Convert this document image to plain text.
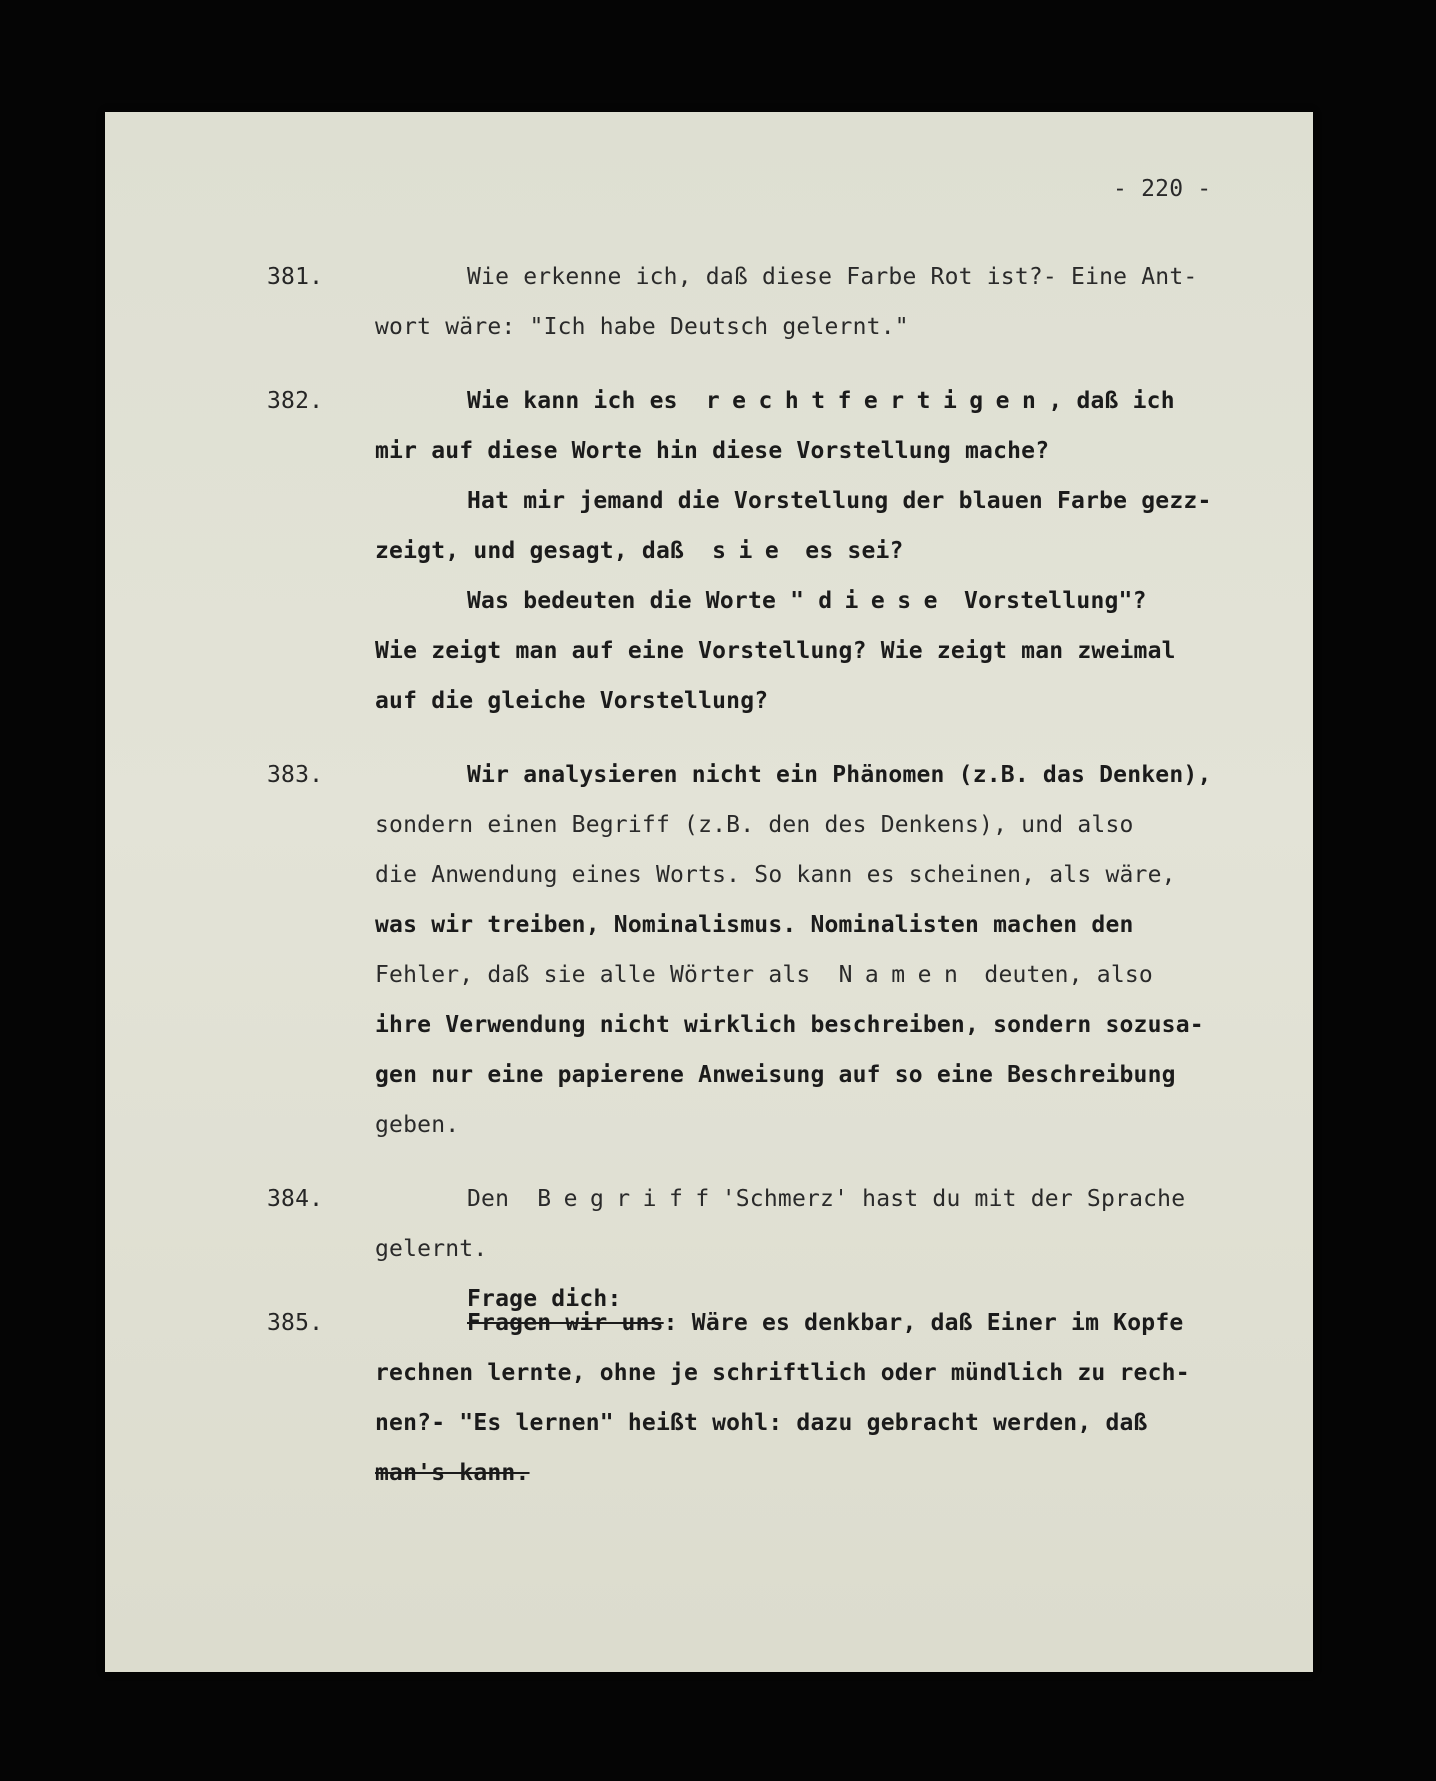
- 220 -
381.	Wie erkenne ich, daß diese Farbe Rot ist?- Eine Ant-
wort wäre: "Ich habe Deutsch gelernt."
382.	Wie kann ich es rechtfertigen, daß ich
mir auf diese Worte hin diese Vorstellung mache?
Hat mir jemand die Vorstellung der blauen Farbe gezz-
zeigt, und gesagt, daß sie es sei?
Was bedeuten die Worte " diese Vorstellung"?
Wie zeigt man auf eine Vorstellung? Wie zeigt man zweimal
auf die gleiche Vorstellung?
383.	Wir analysieren nicht ein Phänomen (z.B. das Denken),
sondern einen Begriff (z.B. den des Denkens), und also
die Anwendung eines Worts. So kann es scheinen, als wäre,
was wir treiben, Nominalismus. Nominalisten machen den
Fehler, daß sie alle Wörter als Namen deuten, also
ihre Verwendung nicht wirklich beschreiben, sondern sozusa-
gen nur eine papierene Anweisung auf so eine Beschreibung
geben.
384.	Den Begriff'Schmerz' hast du mit der Sprache
gelernt.
Frage dich:
385.	Fragen wir uns: Wäre es denkbar, daß Einer im Kopfe
rechnen lernte, ohne je schriftlich oder mündlich zu rech-
nen?- "Es lernen" heißt wohl: dazu gebracht werden, daß
man's kann.
